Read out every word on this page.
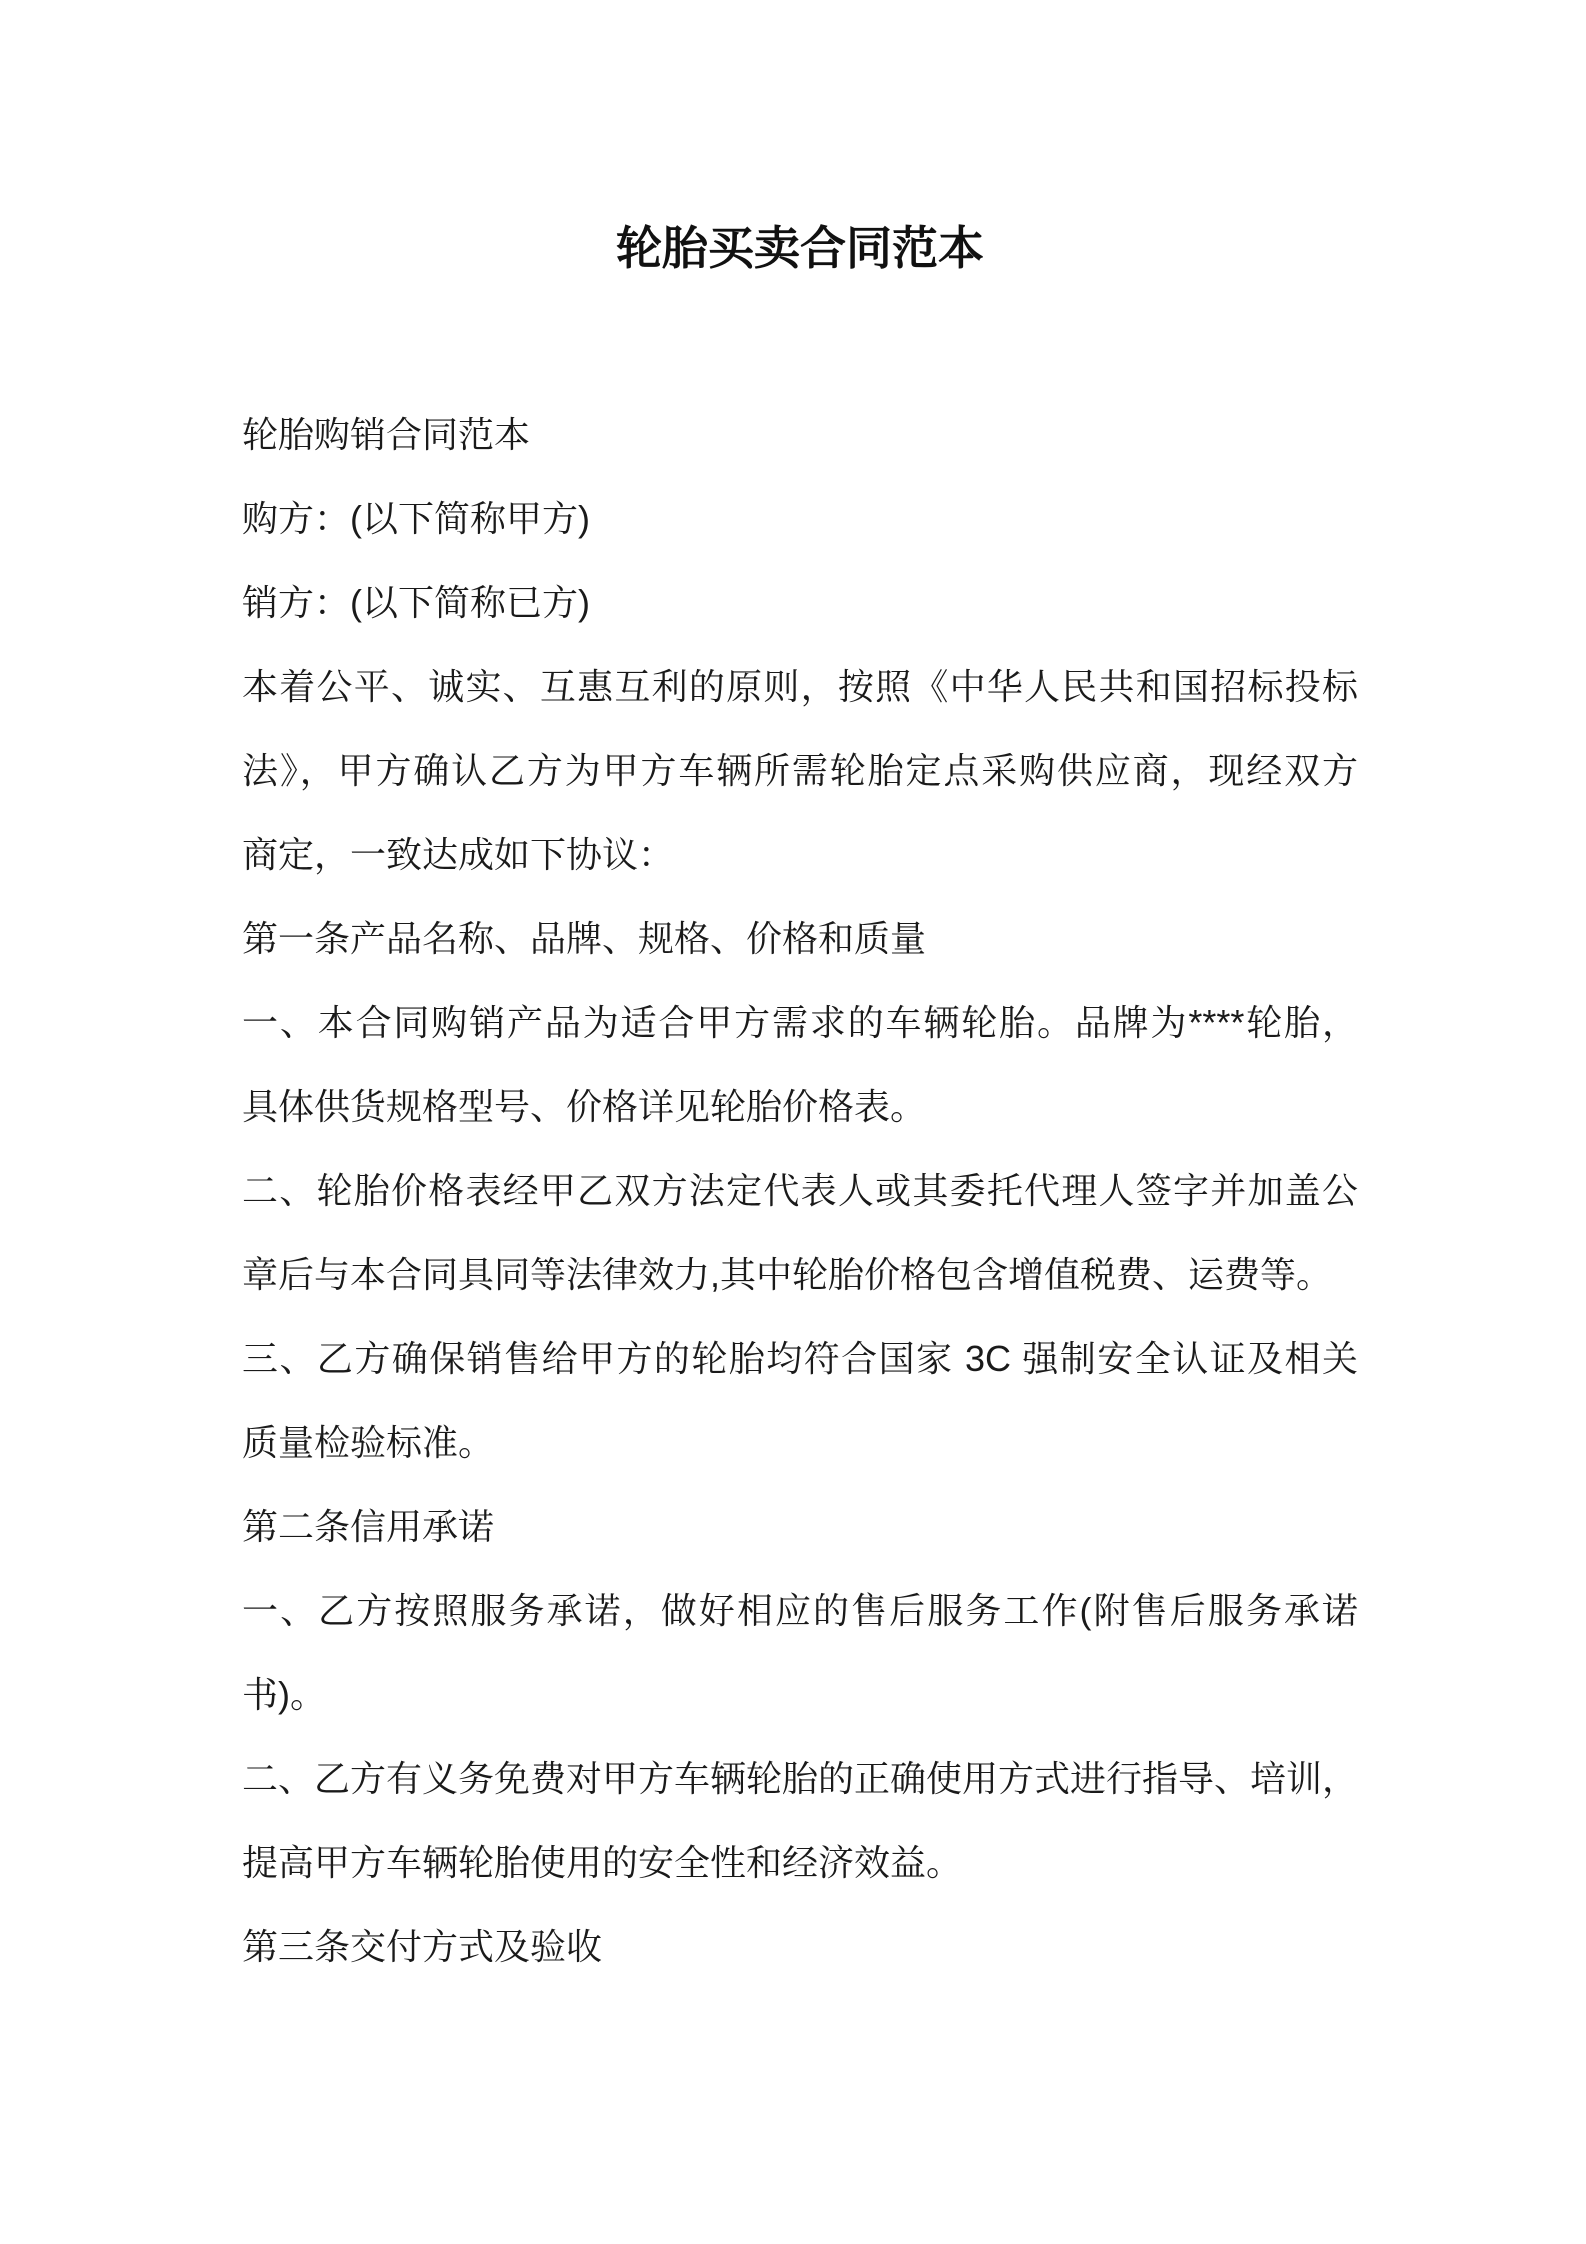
轮胎买卖合同范本
轮胎购销合同范本
购方：(以下简称甲方)
销方：(以下简称已方)
本着公平、诚实、互惠互利的原则，按照《中华人民共和国招标投标
法》，甲方确认乙方为甲方车辆所需轮胎定点采购供应商，现经双方
商定，一致达成如下协议：
第一条产品名称、品牌、规格、价格和质量
一、本合同购销产品为适合甲方需求的车辆轮胎。品牌为****轮胎，
具体供货规格型号、价格详见轮胎价格表。
二、轮胎价格表经甲乙双方法定代表人或其委托代理人签字并加盖公
章后与本合同具同等法律效力,其中轮胎价格包含增值税费、运费等。
三、乙方确保销售给甲方的轮胎均符合国家 3C 强制安全认证及相关
质量检验标准。
第二条信用承诺
一、乙方按照服务承诺，做好相应的售后服务工作(附售后服务承诺
书)。
二、乙方有义务免费对甲方车辆轮胎的正确使用方式进行指导、培训，
提高甲方车辆轮胎使用的安全性和经济效益。
第三条交付方式及验收
